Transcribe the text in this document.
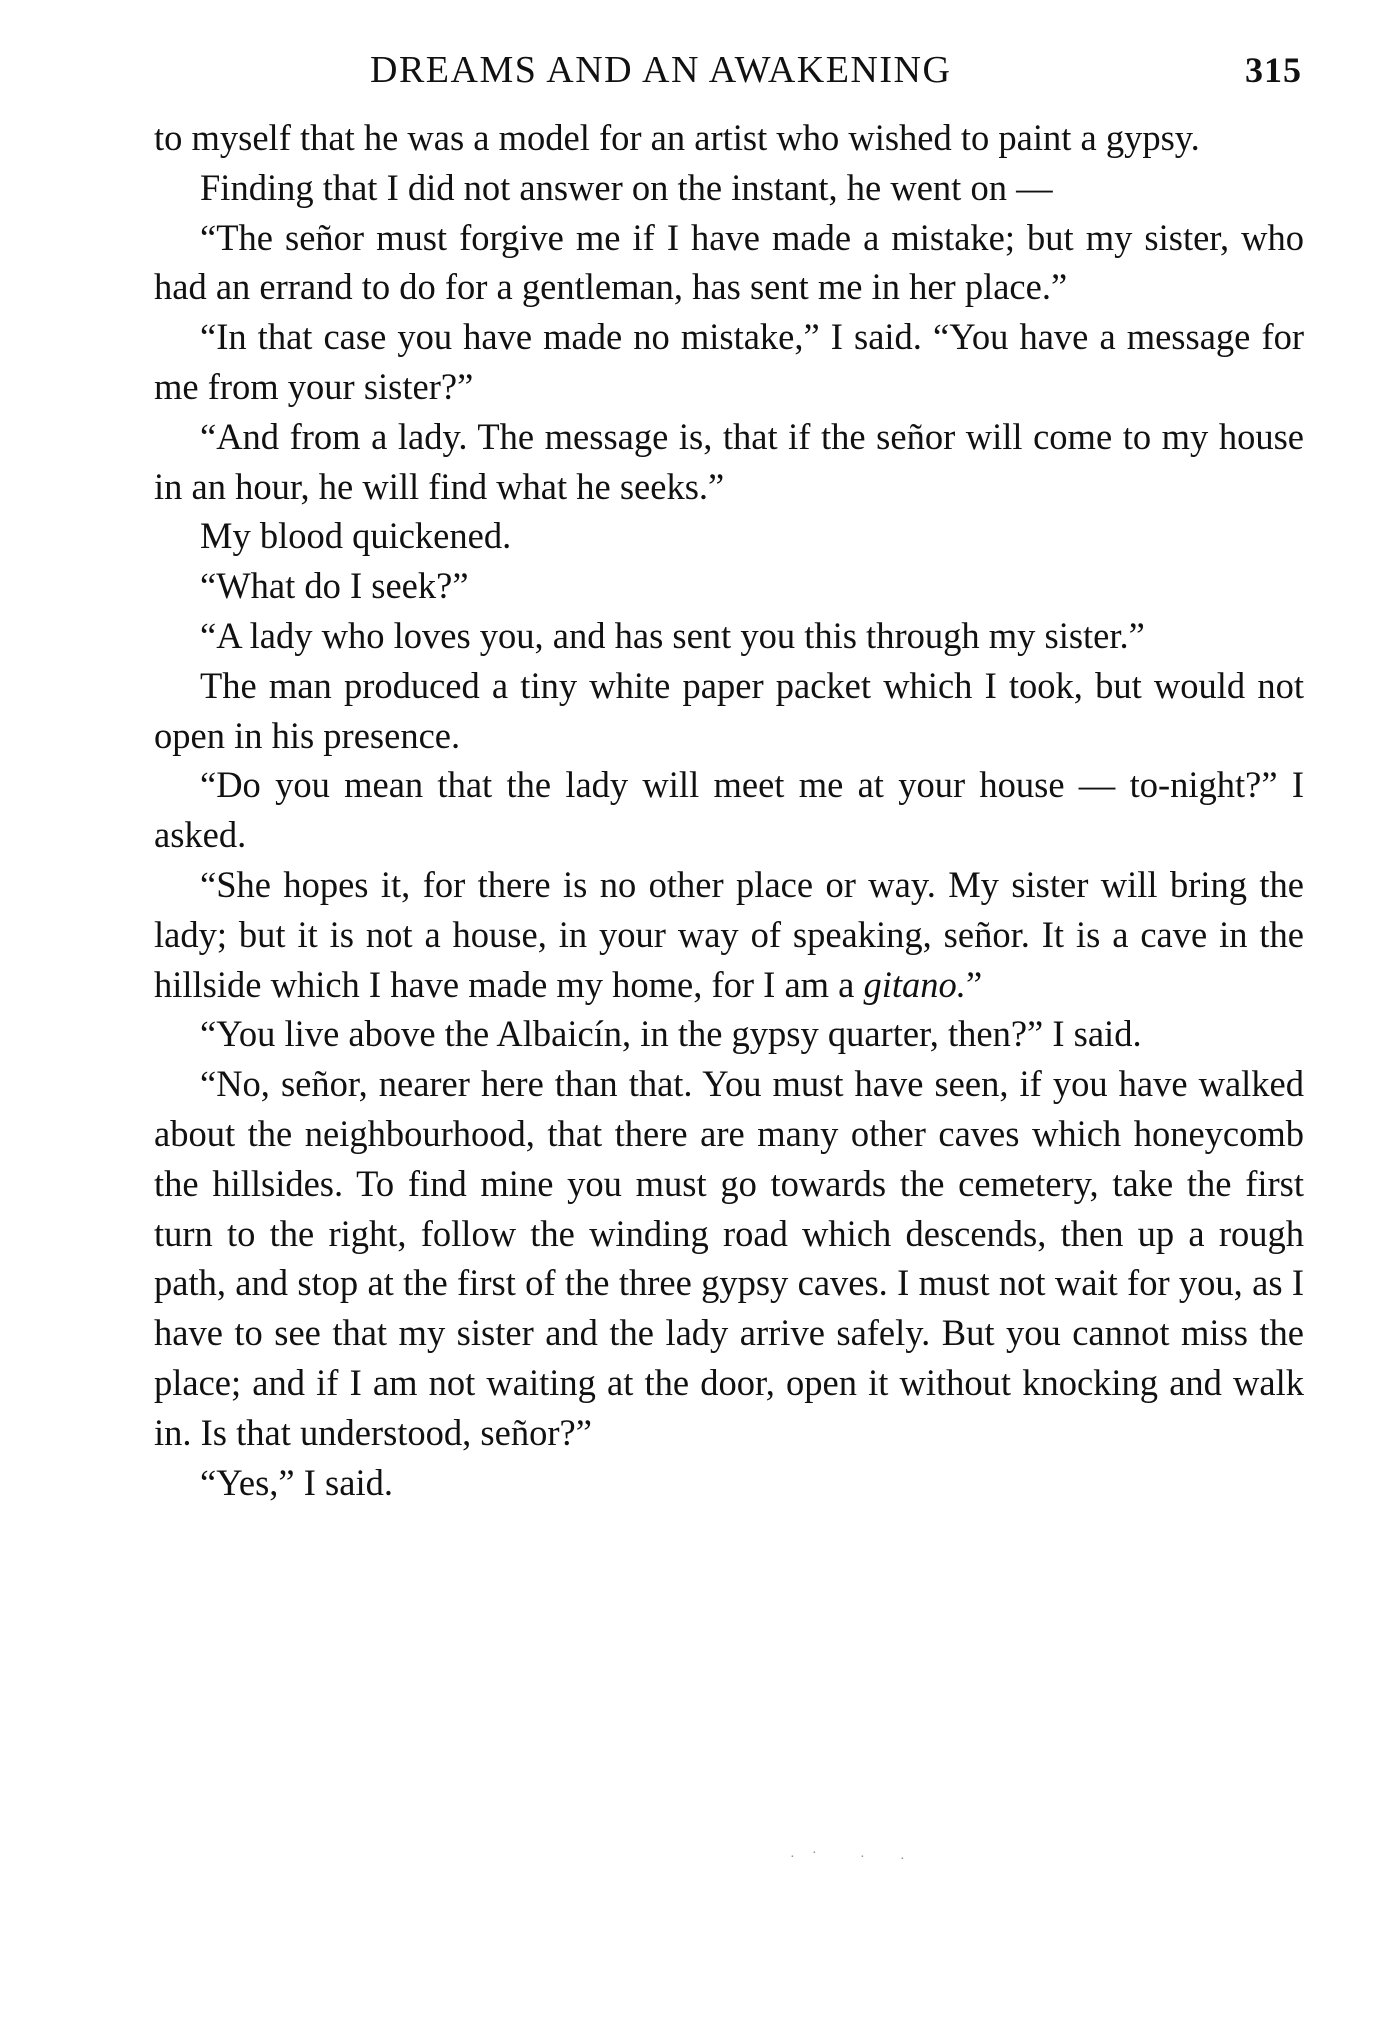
DREAMS AND AN AWAKENING	315

to myself that he was a model for an artist who wished to paint a gypsy.

Finding that I did not answer on the instant, he went on —

“The señor must forgive me if I have made a mistake; but my sister, who had an errand to do for a gentleman, has sent me in her place.”

“In that case you have made no mistake,” I said. “You have a message for me from your sister?”

“And from a lady. The message is, that if the señor will come to my house in an hour, he will find what he seeks.”

My blood quickened.

“What do I seek?”

“A lady who loves you, and has sent you this through my sister.”

The man produced a tiny white paper packet which I took, but would not open in his presence.

“Do you mean that the lady will meet me at your house — to-night?” I asked.

“She hopes it, for there is no other place or way. My sister will bring the lady; but it is not a house, in your way of speaking, señor. It is a cave in the hillside which I have made my home, for I am a gitano.”

“You live above the Albaicín, in the gypsy quarter, then?” I said.

“No, señor, nearer here than that. You must have seen, if you have walked about the neighbourhood, that there are many other caves which honeycomb the hillsides. To find mine you must go towards the cemetery, take the first turn to the right, follow the winding road which descends, then up a rough path, and stop at the first of the three gypsy caves. I must not wait for you, as I have to see that my sister and the lady arrive safely. But you cannot miss the place; and if I am not waiting at the door, open it without knocking and walk in. Is that understood, señor?”

“Yes,” I said.

· ·	·	·
